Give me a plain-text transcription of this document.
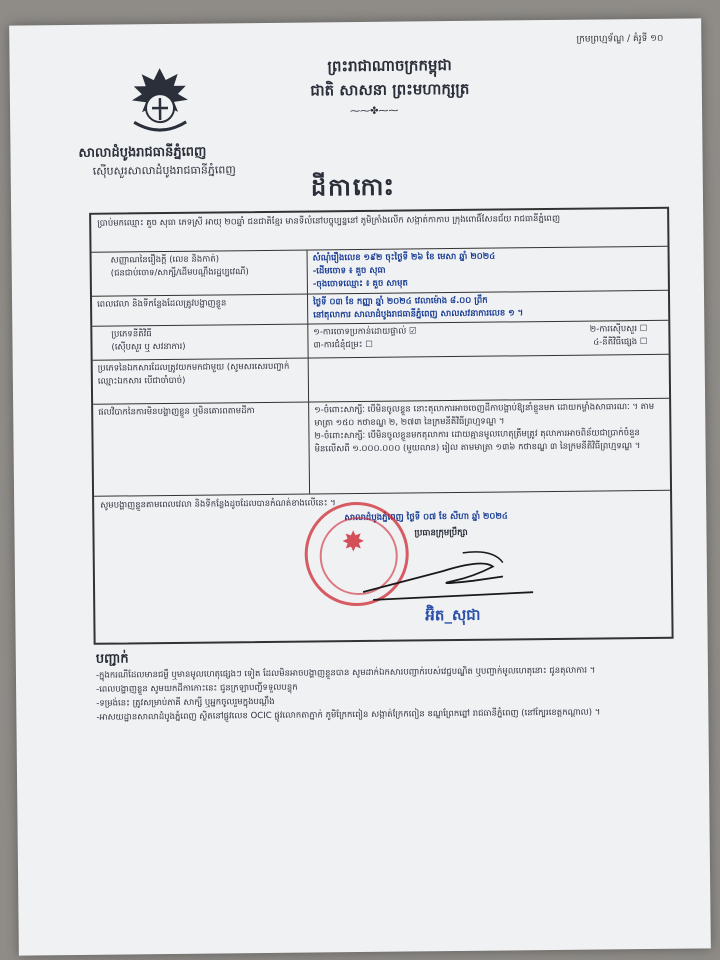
ក្រមព្រហ្មទ័ណ្ឌ / គំរូទី ១០
ព្រះរាជាណាចក្រកម្ពុជា
ជាតិ សាសនា ព្រះមហាក្សត្រ
⁓⁓✤⁓⁓
សាលាដំបូងរាជធានីភ្នំពេញ
ស៊ើបសួរសាលាដំបូងរាជធានីភ្នំពេញ
ដីកាកោះ
ប្រាប់មកឈ្មោះ គួច សុធា ភេទស្រី អាយុ ២០ឆ្នាំ ជនជាតិខ្មែរ មានទីលំនៅបច្ចុប្បន្ននៅ ភូមិក្រាំងលើក សង្កាត់កាកាប ក្រុងពោធិ៍សែនជ័យ រាជធានីភ្នំពេញ
សញ្ញាណនៃរឿងក្តី (លេខ និងកាត់)
(ជនជាប់ចោទ/សាក្សី/ដើមបណ្តឹងរដ្ឋប្បវេណី)
សំណុំរឿងលេខ ១៩២ ចុះថ្ងៃទី ២៦ ខែ មេសា ឆ្នាំ ២០២៤
-ដើមចោទ ៖ គួច សុធា
-ចុងចោទឈ្មោះ ៖ គួច សាមុត
ពេលវេលា និងទីកន្លែងដែលត្រូវបង្ហាញខ្លួន	ថ្ងៃទី ០៣ ខែ កញ្ញា ឆ្នាំ ២០២៤ វេលាម៉ោង ៨.០០ ព្រឹក
នៅតុលាការ សាលាដំបូងរាជធានីភ្នំពេញ សាលសវនាការលេខ ១ ។
ប្រភេទនីតិវិធី
(ស៊ើបសួរ ឬ សវនាការ)
១-ការចោទប្រកាន់ដោយផ្ទាល់ ☑	២-ការស៊ើបសួរ ☐
៣-ការជំនុំជម្រះ ☐	៤-នីតិវិធីផ្សេង ☐
ប្រភេទនៃឯកសារដែលត្រូវយកមកជាមួយ (សូមសរសេរបញ្ជាក់ឈ្មោះឯកសារ បើជាចាំបាច់)
ផលវិបាកនៃការមិនបង្ហាញខ្លួន ឬមិនគោរពតាមដីកា	១-ចំពោះសាក្សីៈ បើមិនចូលខ្លួន នោះតុលាការអាចចេញដីកាបង្គាប់ឱ្យនាំខ្លួនមក ដោយកម្លាំងសាធារណៈ ។ តាមមាត្រា ១៥០ កថាខណ្ឌ ២, ២៧៣ នៃក្រមនីតិវិធីព្រហ្មទណ្ឌ ។
២-ចំពោះសាក្សីៈ បើមិនចូលខ្លួនមកតុលាការ ដោយគ្មានមូលហេតុត្រឹមត្រូវ តុលាការអាចពិន័យជាប្រាក់ចំនួនមិនលើសពី ១.០០០.០០០ (មួយលាន) រៀល តាមមាត្រា ១៣៦ កថាខណ្ឌ ៣ នៃក្រមនីតិវិធីព្រហ្មទណ្ឌ ។
សូមបង្ហាញខ្លួនតាមពេលវេលា និងទីកន្លែងដូចដែលបានកំណត់ខាងលើនេះ ។
សាលាដំបូងភ្នំពេញ ថ្ងៃទី ០៧ ខែ សីហា ឆ្នាំ ២០២៤
ប្រធានក្រុមប្រឹក្សា
✸
អ៊ិត_សុជា
បញ្ជាក់
-ក្នុងករណីដែលមានជម្ងឺ ឬមានមូលហេតុផ្សេងៗ ទៀត ដែលមិនអាចបង្ហាញខ្លួនបាន សូមដាក់ឯកសារបញ្ជាក់របស់វេជ្ជបណ្ឌិត ឬបញ្ជាក់មូលហេតុនោះ ជូនតុលាការ ។
-ពេលបង្ហាញខ្លួន សូមយកដីកាកោះនេះ ជូនក្រឡាបញ្ជីទទួលបន្ទុក
-ទម្រង់នេះ ត្រូវសម្រាប់ភាគី សាក្សី ឬអ្នកចូលរួមក្នុងបណ្តឹង
-អាសយដ្ឋានសាលាដំបូងភ្នំពេញ ស្ថិតនៅផ្លូវលេខ OCIC ផ្លូវលោកតាភ្នាក់ ភូមិក្រែកពៀន សង្កាត់ក្រែកពៀន ខណ្ឌព្រែកព្នៅ រាជធានីភ្នំពេញ (នៅក្បែរខេត្តកណ្តាល) ។
